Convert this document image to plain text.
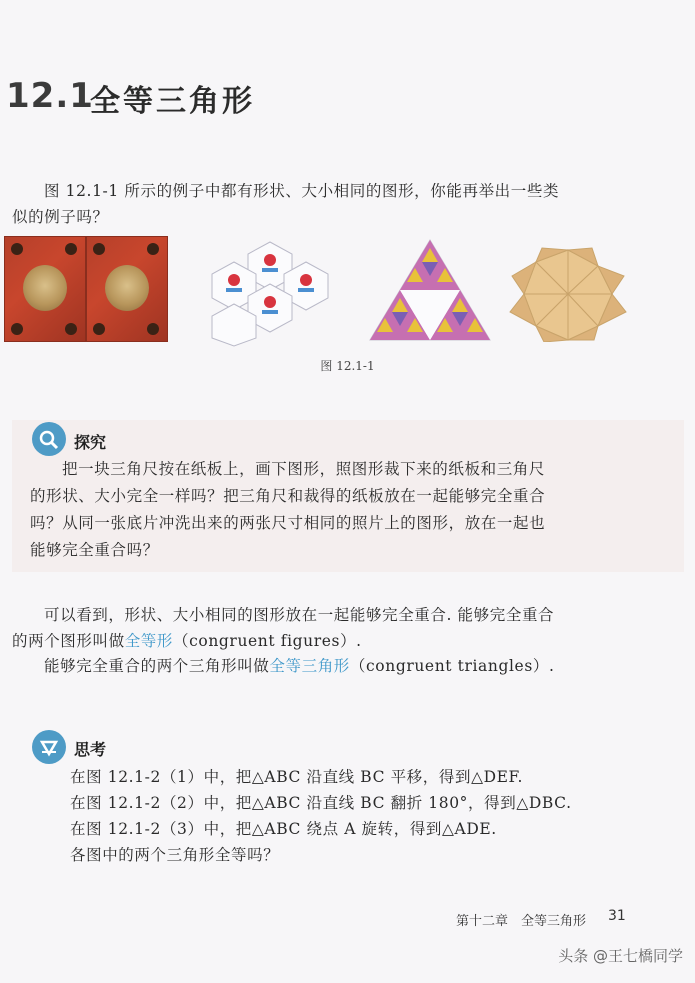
12.1
全等三角形
图 12.1-1 所示的例子中都有形状、大小相同的图形，你能再举出一些类
似的例子吗？
图 12.1-1
探究
把一块三角尺按在纸板上，画下图形，照图形裁下来的纸板和三角尺
的形状、大小完全一样吗？把三角尺和裁得的纸板放在一起能够完全重合
吗？从同一张底片冲洗出来的两张尺寸相同的照片上的图形，放在一起也
能够完全重合吗？
可以看到，形状、大小相同的图形放在一起能够完全重合. 能够完全重合
的两个图形叫做全等形（congruent figures）.
能够完全重合的两个三角形叫做全等三角形（congruent triangles）.
思考
在图 12.1-2（1）中，把△ABC 沿直线 BC 平移，得到△DEF.
在图 12.1-2（2）中，把△ABC 沿直线 BC 翻折 180°，得到△DBC.
在图 12.1-2（3）中，把△ABC 绕点 A 旋转，得到△ADE.
各图中的两个三角形全等吗？
第十二章　全等三角形 31
头条 @王七橋同学
